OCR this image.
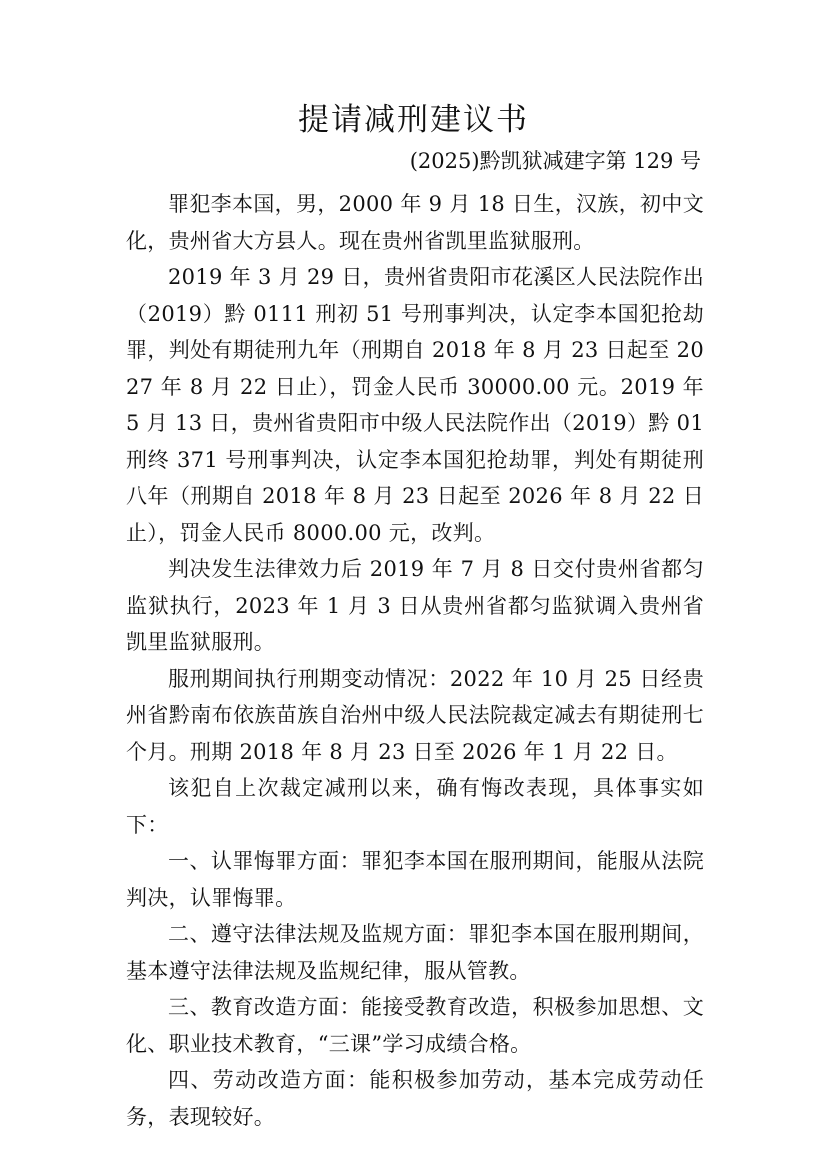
提请减刑建议书
(2025)黔凯狱减建字第 129 号

罪犯李本国，男，2000 年 9 月 18 日生，汉族，初中文化，贵州省大方县人。现在贵州省凯里监狱服刑。

2019 年 3 月 29 日，贵州省贵阳市花溪区人民法院作出（2019）黔 0111 刑初 51 号刑事判决，认定李本国犯抢劫罪，判处有期徒刑九年（刑期自 2018 年 8 月 23 日起至 2027 年 8 月 22 日止），罚金人民币 30000.00 元。2019 年 5 月 13 日，贵州省贵阳市中级人民法院作出（2019）黔 01 刑终 371 号刑事判决，认定李本国犯抢劫罪，判处有期徒刑八年（刑期自 2018 年 8 月 23 日起至 2026 年 8 月 22 日止），罚金人民币 8000.00 元，改判。

判决发生法律效力后 2019 年 7 月 8 日交付贵州省都匀监狱执行，2023 年 1 月 3 日从贵州省都匀监狱调入贵州省凯里监狱服刑。

服刑期间执行刑期变动情况：2022 年 10 月 25 日经贵州省黔南布依族苗族自治州中级人民法院裁定减去有期徒刑七个月。刑期 2018 年 8 月 23 日至 2026 年 1 月 22 日。

该犯自上次裁定减刑以来，确有悔改表现，具体事实如下：

一、认罪悔罪方面：罪犯李本国在服刑期间，能服从法院判决，认罪悔罪。

二、遵守法律法规及监规方面：罪犯李本国在服刑期间，基本遵守法律法规及监规纪律，服从管教。

三、教育改造方面：能接受教育改造，积极参加思想、文化、职业技术教育，“三课”学习成绩合格。

四、劳动改造方面：能积极参加劳动，基本完成劳动任务，表现较好。
